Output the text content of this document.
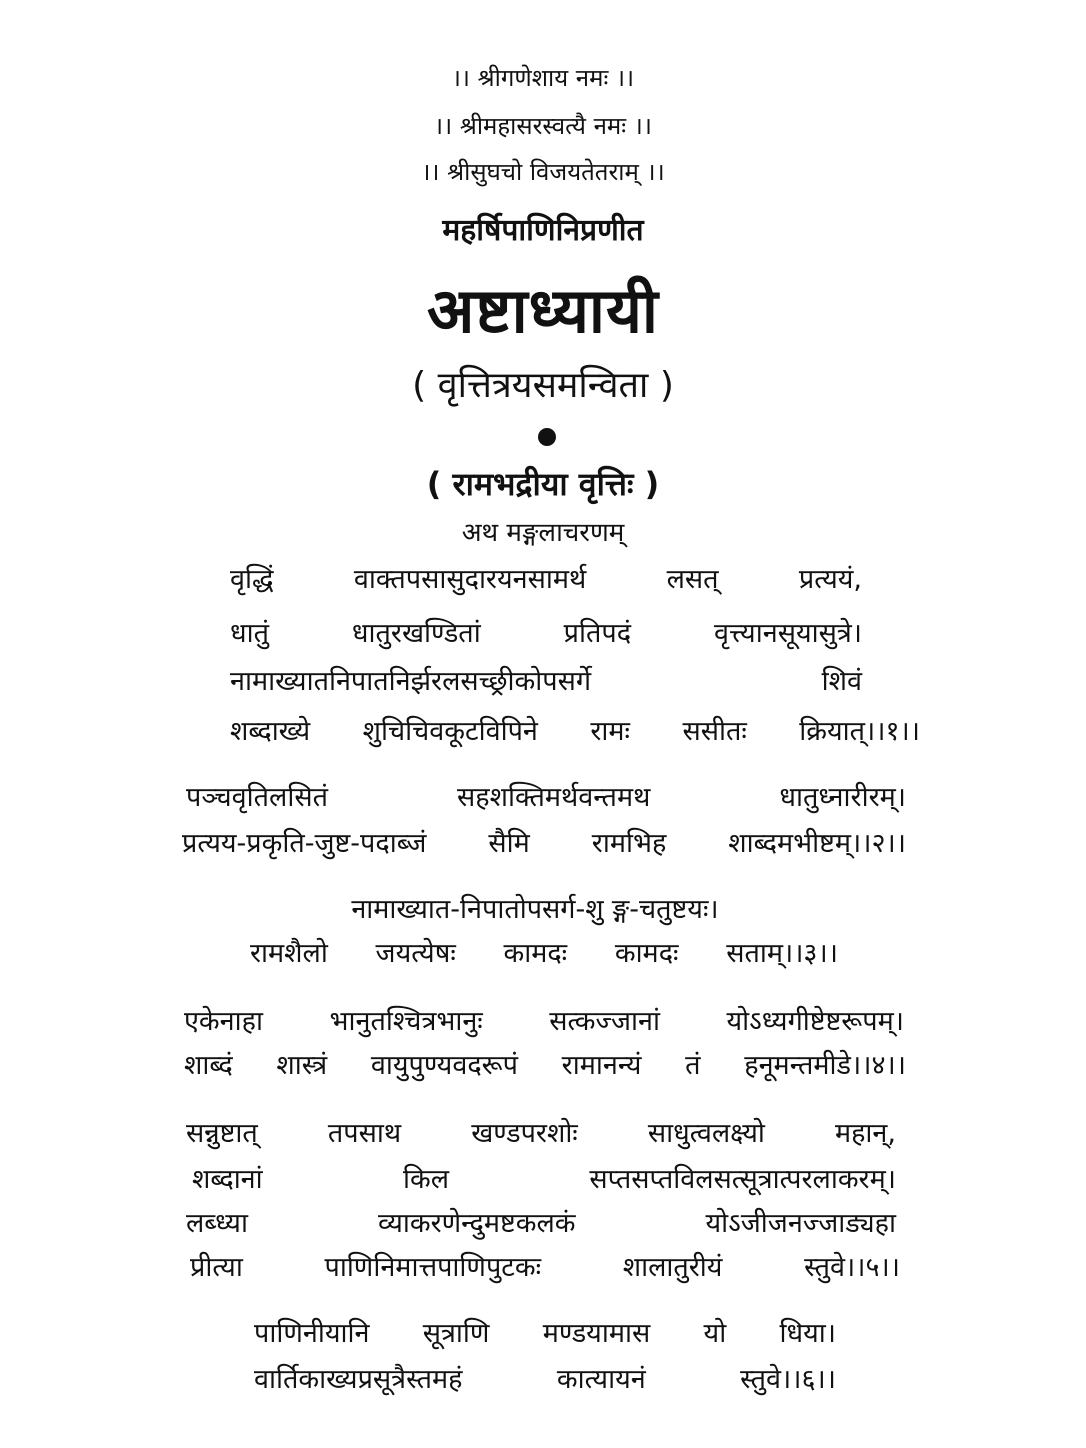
।। श्रीगणेशाय नमः ।।
।। श्रीमहासरस्वत्यै नमः ।।
।। श्रीसुघचो विजयतेतराम् ।।
महर्षिपाणिनिप्रणीत
अष्टाध्यायी
( वृत्तित्रयसमन्विता )
( रामभद्रीया वृत्तिः )
अथ मङ्गलाचरणम्
वृद्धिं	वाक्तपसासुदारयनसामर्थ	लसत्	प्रत्ययं,
धातुं	धातुरखण्डितां	प्रतिपदं	वृत्त्यानसूयासुत्रे।
नामाख्यातनिपातनिर्झरलसच्छ्रीकोपसर्गे	शिवं
शब्दाख्ये शुचिचिवकूटविपिने रामः ससीतः क्रियात्।।१।।
पञ्चवृतिलसितं	सहशक्तिमर्थवन्तमथ	धातुध्नारीरम्।
प्रत्यय-प्रकृति-जुष्ट-पदाब्जं सैमि रामभिह शाब्दमभीष्टम्।।२।।
नामाख्यात-निपातोपसर्ग-शु ङ्ग-चतुष्टयः।
रामशैलो जयत्येषः कामदः कामदः सताम्।।३।।
एकेनाहा भानुतश्चित्रभानुः सत्कज्जानां योऽध्यगीष्टेष्टरूपम्।
शाब्दं शास्त्रं वायुपुण्यवदरूपं रामानन्यं तं हनूमन्तमीडे।।४।।
सन्नुष्टात्	तपसाथ	खण्डपरशोः	साधुत्वलक्ष्यो	महान्,
शब्दानां	किल	सप्तसप्तविलसत्सूत्रात्परलाकरम्।
लब्ध्या	व्याकरणेन्दुमष्टकलकं	योऽजीजनज्जाड्यहा
प्रीत्या	पाणिनिमात्तपाणिपुटकः	शालातुरीयं	स्तुवे।।५।।
पाणिनीयानि सूत्राणि मण्डयामास यो धिया।
वार्तिकाख्यप्रसूत्रैस्तमहं	कात्यायनं	स्तुवे।।६।।
